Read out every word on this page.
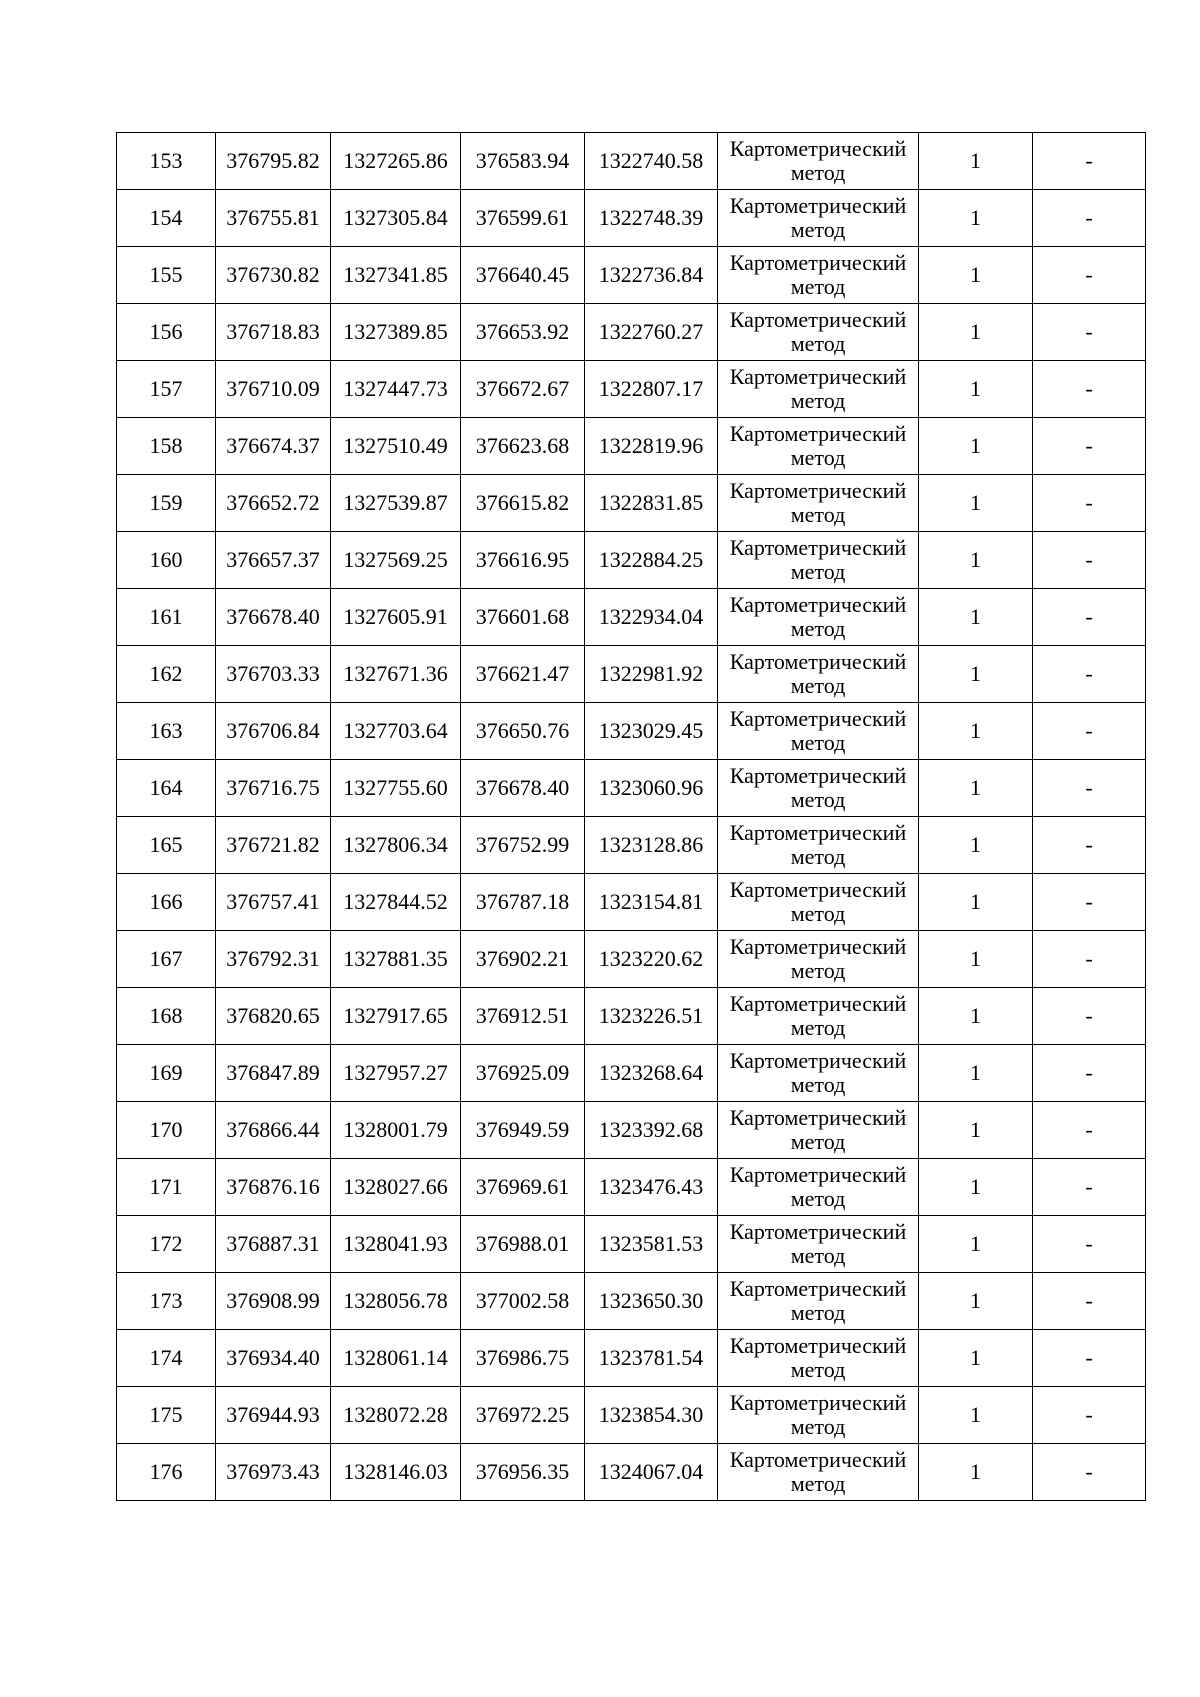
153	376795.82	1327265.86	376583.94	1322740.58	Картометрический метод	1	-
154	376755.81	1327305.84	376599.61	1322748.39	Картометрический метод	1	-
155	376730.82	1327341.85	376640.45	1322736.84	Картометрический метод	1	-
156	376718.83	1327389.85	376653.92	1322760.27	Картометрический метод	1	-
157	376710.09	1327447.73	376672.67	1322807.17	Картометрический метод	1	-
158	376674.37	1327510.49	376623.68	1322819.96	Картометрический метод	1	-
159	376652.72	1327539.87	376615.82	1322831.85	Картометрический метод	1	-
160	376657.37	1327569.25	376616.95	1322884.25	Картометрический метод	1	-
161	376678.40	1327605.91	376601.68	1322934.04	Картометрический метод	1	-
162	376703.33	1327671.36	376621.47	1322981.92	Картометрический метод	1	-
163	376706.84	1327703.64	376650.76	1323029.45	Картометрический метод	1	-
164	376716.75	1327755.60	376678.40	1323060.96	Картометрический метод	1	-
165	376721.82	1327806.34	376752.99	1323128.86	Картометрический метод	1	-
166	376757.41	1327844.52	376787.18	1323154.81	Картометрический метод	1	-
167	376792.31	1327881.35	376902.21	1323220.62	Картометрический метод	1	-
168	376820.65	1327917.65	376912.51	1323226.51	Картометрический метод	1	-
169	376847.89	1327957.27	376925.09	1323268.64	Картометрический метод	1	-
170	376866.44	1328001.79	376949.59	1323392.68	Картометрический метод	1	-
171	376876.16	1328027.66	376969.61	1323476.43	Картометрический метод	1	-
172	376887.31	1328041.93	376988.01	1323581.53	Картометрический метод	1	-
173	376908.99	1328056.78	377002.58	1323650.30	Картометрический метод	1	-
174	376934.40	1328061.14	376986.75	1323781.54	Картометрический метод	1	-
175	376944.93	1328072.28	376972.25	1323854.30	Картометрический метод	1	-
176	376973.43	1328146.03	376956.35	1324067.04	Картометрический метод	1	-
